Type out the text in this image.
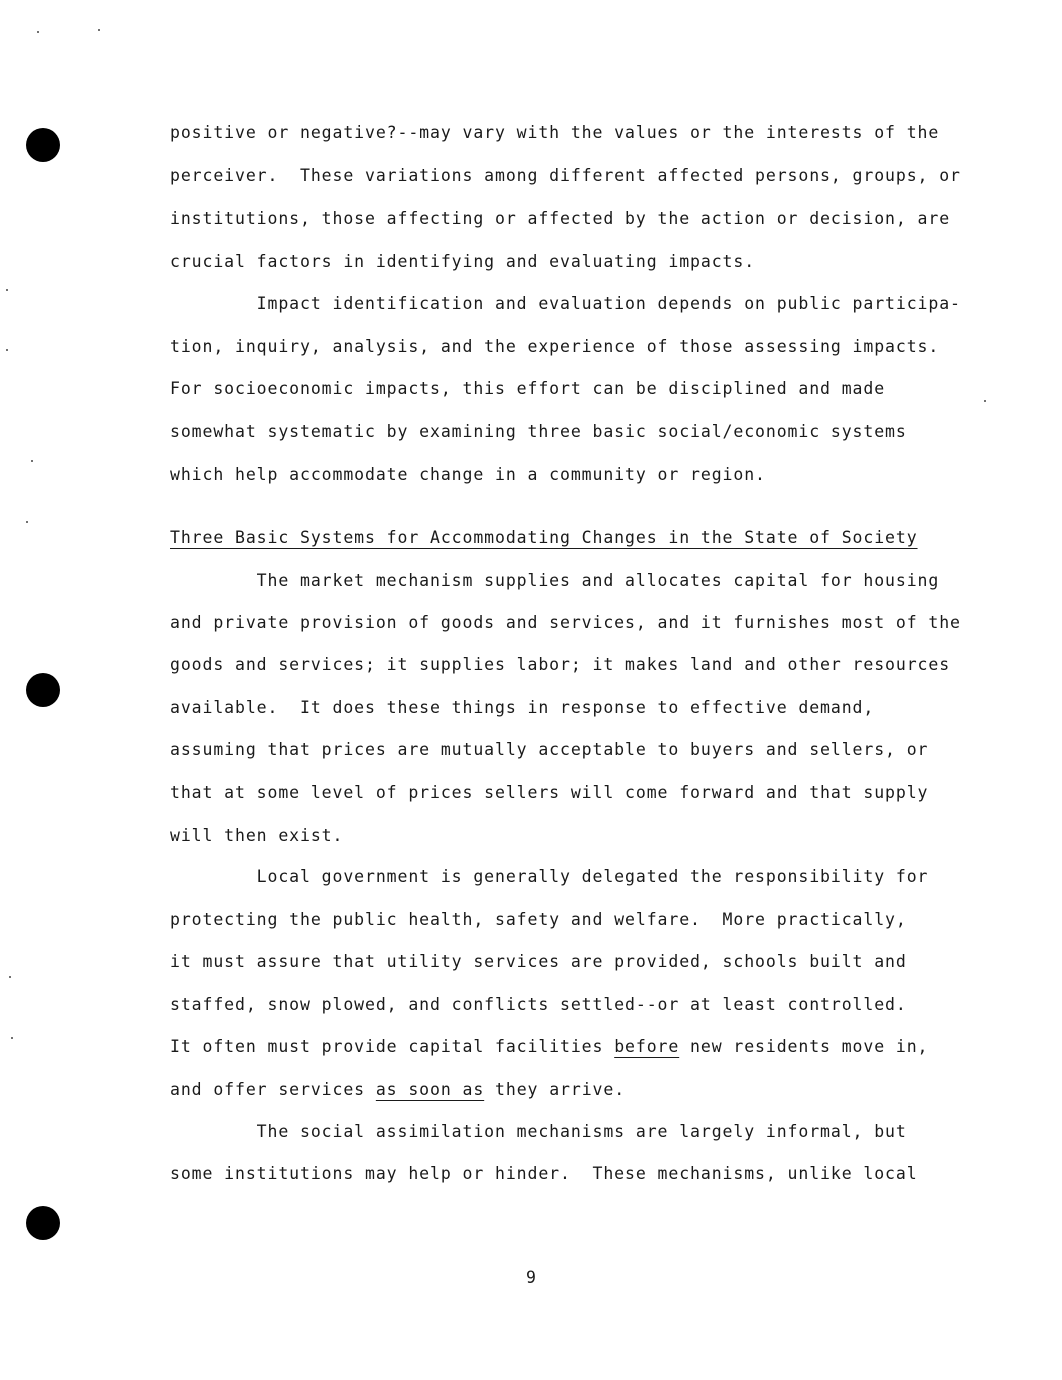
positive or negative?--may vary with the values or the interests of the
perceiver.  These variations among different affected persons, groups, or
institutions, those affecting or affected by the action or decision, are
crucial factors in identifying and evaluating impacts.
Impact identification and evaluation depends on public participa-
tion, inquiry, analysis, and the experience of those assessing impacts.
For socioeconomic impacts, this effort can be disciplined and made
somewhat systematic by examining three basic social/economic systems
which help accommodate change in a community or region.
Three Basic Systems for Accommodating Changes in the State of Society
The market mechanism supplies and allocates capital for housing
and private provision of goods and services, and it furnishes most of the
goods and services; it supplies labor; it makes land and other resources
available.  It does these things in response to effective demand,
assuming that prices are mutually acceptable to buyers and sellers, or
that at some level of prices sellers will come forward and that supply
will then exist.
Local government is generally delegated the responsibility for
protecting the public health, safety and welfare.  More practically,
it must assure that utility services are provided, schools built and
staffed, snow plowed, and conflicts settled--or at least controlled.
It often must provide capital facilities before new residents move in,
and offer services as soon as they arrive.
The social assimilation mechanisms are largely informal, but
some institutions may help or hinder.  These mechanisms, unlike local
9
